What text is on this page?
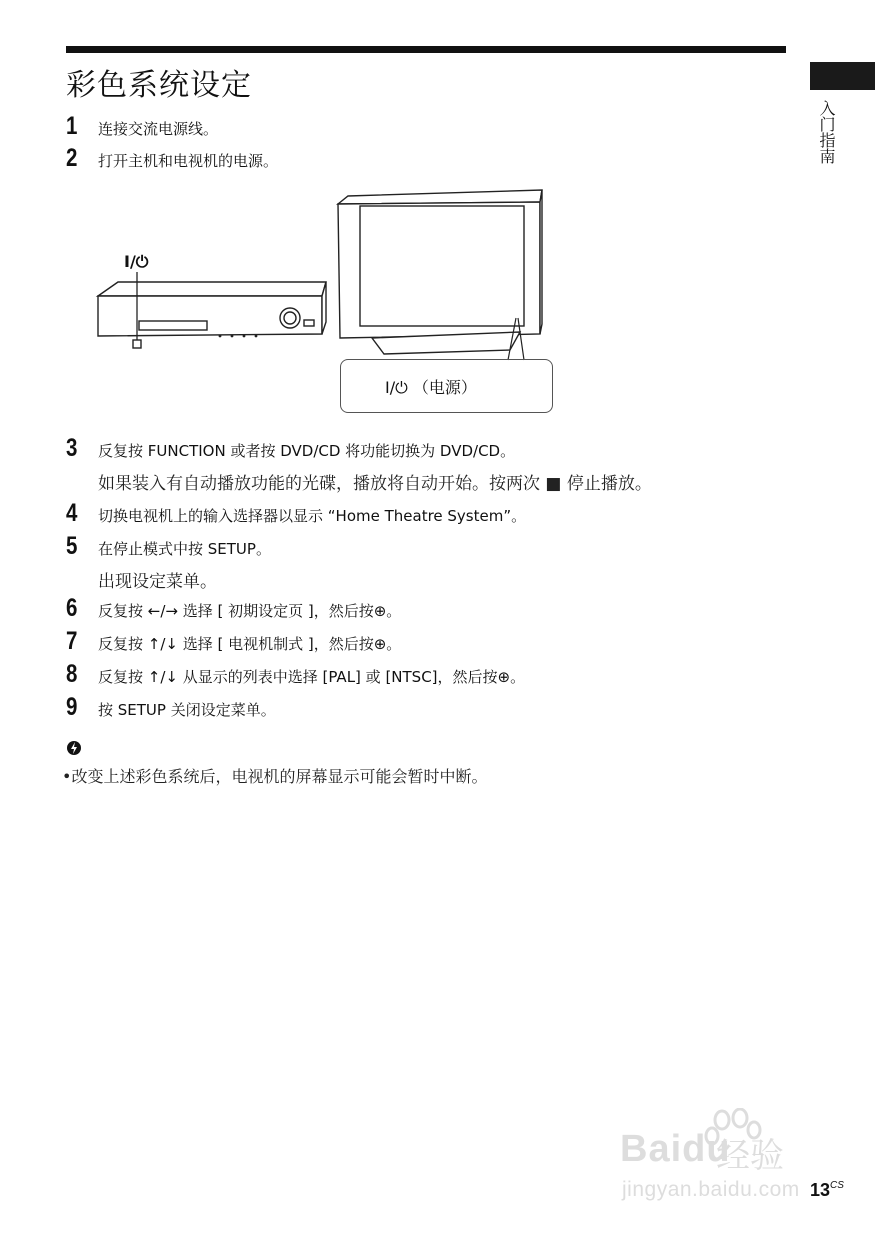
彩色系统设定
入门指南
1 连接交流电源线。
2 打开主机和电视机的电源。
I/⏻
I/⏻ （电源）
3 反复按 FUNCTION 或者按 DVD/CD 将功能切换为 DVD/CD。
如果装入有自动播放功能的光碟，播放将自动开始。按两次 ■ 停止播放。
4 切换电视机上的输入选择器以显示 “Home Theatre System”。
5 在停止模式中按 SETUP。
出现设定菜单。
6 反复按 ←/→ 选择 [ 初期设定页 ]，然后按⊕。
7 反复按 ↑/↓ 选择 [ 电视机制式 ]，然后按⊕。
8 反复按 ↑/↓ 从显示的列表中选择 [PAL] 或 [NTSC]，然后按⊕。
9 按 SETUP 关闭设定菜单。
•改变上述彩色系统后，电视机的屏幕显示可能会暂时中断。
Baidu
经验
jingyan.baidu.com 13 CS
